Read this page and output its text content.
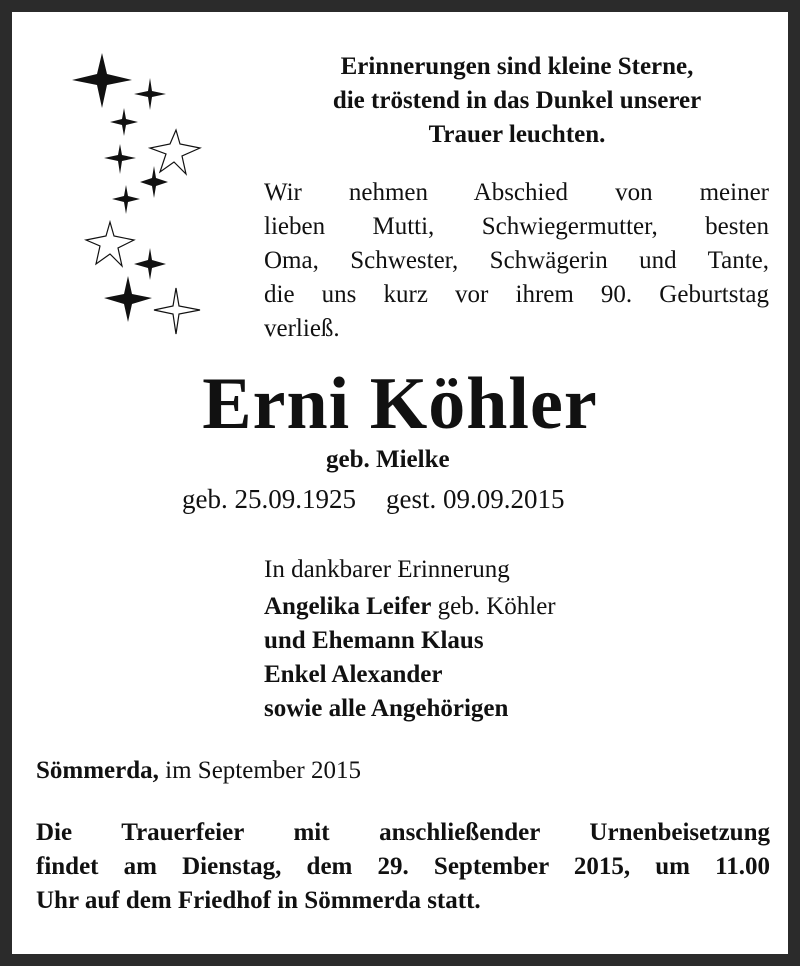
Erinnerungen sind kleine Sterne,
die tröstend in das Dunkel unserer
Trauer leuchten.
Wir nehmen Abschied von meiner
lieben Mutti, Schwiegermutter, besten
Oma, Schwester, Schwägerin und Tante,
die uns kurz vor ihrem 90. Geburtstag
verließ.
Erni Köhler
geb. Mielke
geb. 25.09.1925 gest. 09.09.2015
In dankbarer Erinnerung
Angelika Leifer geb. Köhler
und Ehemann Klaus
Enkel Alexander
sowie alle Angehörigen
Sömmerda, im September 2015
Die Trauerfeier mit anschließender Urnenbeisetzung
findet am Dienstag, dem 29. September 2015, um 11.00
Uhr auf dem Friedhof in Sömmerda statt.
